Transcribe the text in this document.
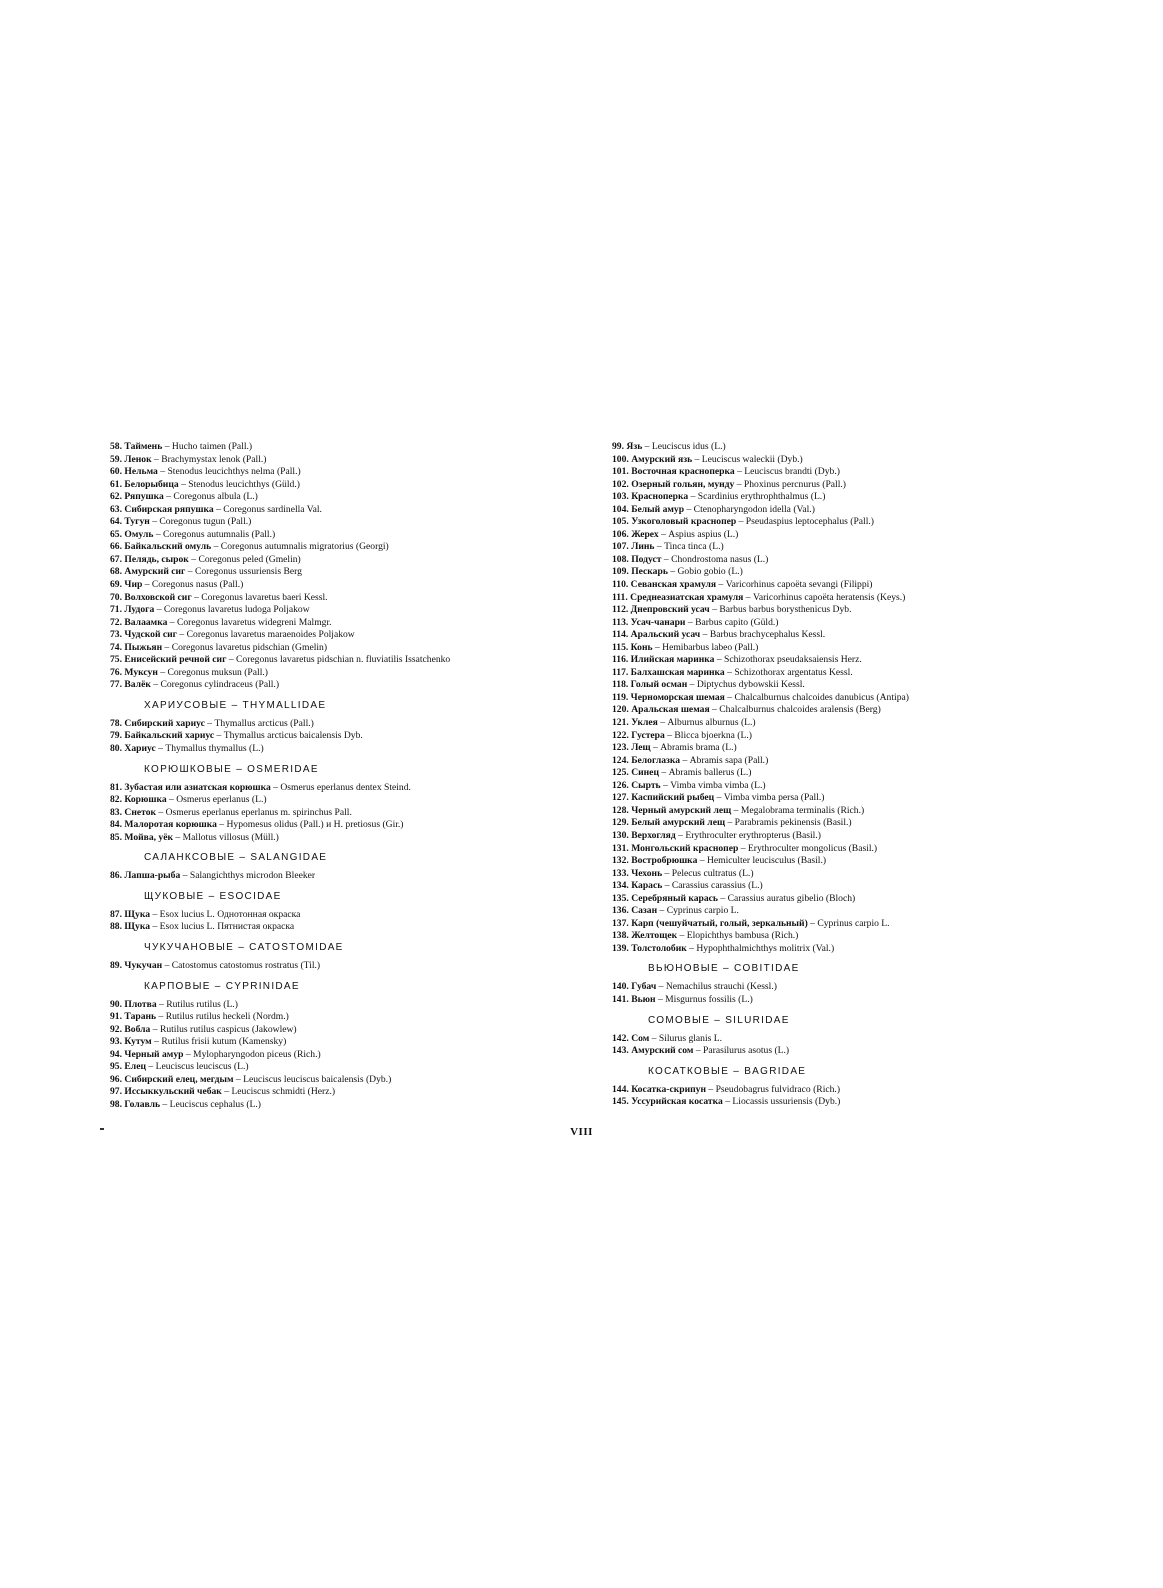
58. Таймень – Hucho taimen (Pall.)
59. Ленок – Brachymystax lenok (Pall.)
60. Нельма – Stenodus leucichthys nelma (Pall.)
61. Белорыбица – Stenodus leucichthys (Güld.)
62. Ряпушка – Coregonus albula (L.)
63. Сибирская ряпушка – Coregonus sardinella Val.
64. Тугун – Coregonus tugun (Pall.)
65. Омуль – Coregonus autumnalis (Pall.)
66. Байкальский омуль – Coregonus autumnalis migratorius (Georgi)
67. Пелядь, сырок – Coregonus peled (Gmelin)
68. Амурский сиг – Coregonus ussuriensis Berg
69. Чир – Coregonus nasus (Pall.)
70. Волховской сиг – Coregonus lavaretus baeri Kessl.
71. Лудога – Coregonus lavaretus ludoga Poljakow
72. Валаамка – Coregonus lavaretus widegreni Malmgr.
73. Чудской сиг – Coregonus lavaretus maraenoides Poljakow
74. Пыжьян – Coregonus lavaretus pidschian (Gmelin)
75. Енисейский речной сиг – Coregonus lavaretus pidschian n. fluviatilis Issatchenko
76. Муксун – Coregonus muksun (Pall.)
77. Валёк – Coregonus cylindraceus (Pall.)
ХАРИУСОВЫЕ – THYMALLIDAE
78. Сибирский хариус – Thymallus arcticus (Pall.)
79. Байкальский хариус – Thymallus arcticus baicalensis Dyb.
80. Хариус – Thymallus thymallus (L.)
КОРЮШКОВЫЕ – OSMERIDAE
81. Зубастая или азиатская корюшка – Osmerus eperlanus dentex Steind.
82. Корюшка – Osmerus eperlanus (L.)
83. Снеток – Osmerus eperlanus eperlanus m. spirinchus Pall.
84. Малоротая корюшка – Hypomesus olidus (Pall.) и H. pretiosus (Gir.)
85. Мойва, уёк – Mallotus villosus (Müll.)
САЛАНКСОВЫЕ – SALANGIDAE
86. Лапша-рыба – Salangichthys microdon Bleeker
ЩУКОВЫЕ – ESOCIDAE
87. Щука – Esox lucius L. Однотонная окраска
88. Щука – Esox lucius L. Пятнистая окраска
ЧУКУЧАНОВЫЕ – CATOSTOMIDAE
89. Чукучан – Catostomus catostomus rostratus (Til.)
КАРПОВЫЕ – CYPRINIDAE
90. Плотва – Rutilus rutilus (L.)
91. Тарань – Rutilus rutilus heckeli (Nordm.)
92. Вобла – Rutilus rutilus caspicus (Jakowlew)
93. Кутум – Rutilus frisii kutum (Kamensky)
94. Черный амур – Mylopharyngodon piceus (Rich.)
95. Елец – Leuciscus leuciscus (L.)
96. Сибирский елец, мегдым – Leuciscus leuciscus baicalensis (Dyb.)
97. Иссыккульский чебак – Leuciscus schmidti (Herz.)
98. Голавль – Leuciscus cephalus (L.)
99. Язь – Leuciscus idus (L.)
100. Амурский язь – Leuciscus waleckii (Dyb.)
101. Восточная красноперка – Leuciscus brandti (Dyb.)
102. Озерный гольян, мунду – Phoxinus percnurus (Pall.)
103. Красноперка – Scardinius erythrophthalmus (L.)
104. Белый амур – Ctenopharyngodon idella (Val.)
105. Узкоголовый краснопер – Pseudaspius leptocephalus (Pall.)
106. Жерех – Aspius aspius (L.)
107. Линь – Tinca tinca (L.)
108. Подуст – Chondrostoma nasus (L.)
109. Пескарь – Gobio gobio (L.)
110. Севанская храмуля – Varicorhinus capoëta sevangi (Filippi)
111. Среднеазиатская храмуля – Varicorhinus capoëta heratensis (Keys.)
112. Днепровский усач – Barbus barbus borysthenicus Dyb.
113. Усач-чанари – Barbus capito (Güld.)
114. Аральский усач – Barbus brachycephalus Kessl.
115. Конь – Hemibarbus labeo (Pall.)
116. Илийская маринка – Schizothorax pseudaksaiensis Herz.
117. Балхашская маринка – Schizothorax argentatus Kessl.
118. Голый осман – Diptychus dybowskii Kessl.
119. Черноморская шемая – Chalcalburnus chalcoides danubicus (Antipa)
120. Аральская шемая – Chalcalburnus chalcoides aralensis (Berg)
121. Уклея – Alburnus alburnus (L.)
122. Густера – Blicca bjoerkna (L.)
123. Лещ – Abramis brama (L.)
124. Белоглазка – Abramis sapa (Pall.)
125. Синец – Abramis ballerus (L.)
126. Сырть – Vimba vimba vimba (L.)
127. Каспийский рыбец – Vimba vimba persa (Pall.)
128. Черный амурский лещ – Megalobrama terminalis (Rich.)
129. Белый амурский лещ – Parabramis pekinensis (Basil.)
130. Верхогляд – Erythroculter erythropterus (Basil.)
131. Монгольский краснопер – Erythroculter mongolicus (Basil.)
132. Востробрюшка – Hemiculter leucisculus (Basil.)
133. Чехонь – Pelecus cultratus (L.)
134. Карась – Carassius carassius (L.)
135. Серебряный карась – Carassius auratus gibelio (Bloch)
136. Сазан – Cyprinus carpio L.
137. Карп (чешуйчатый, голый, зеркальный) – Cyprinus carpio L.
138. Желтощек – Elopichthys bambusa (Rich.)
139. Толстолобик – Hypophthalmichthys molitrix (Val.)
ВЬЮНОВЫЕ – COBITIDAE
140. Губач – Nemachilus strauchi (Kessl.)
141. Вьюн – Misgurnus fossilis (L.)
СОМОВЫЕ – SILURIDAE
142. Сом – Silurus glanis L.
143. Амурский сом – Parasilurus asotus (L.)
КОСАТКОВЫЕ – BAGRIDAE
144. Косатка-скрипун – Pseudobagrus fulvidraco (Rich.)
145. Уссурийская косатка – Liocassis ussuriensis (Dyb.)
VIII
